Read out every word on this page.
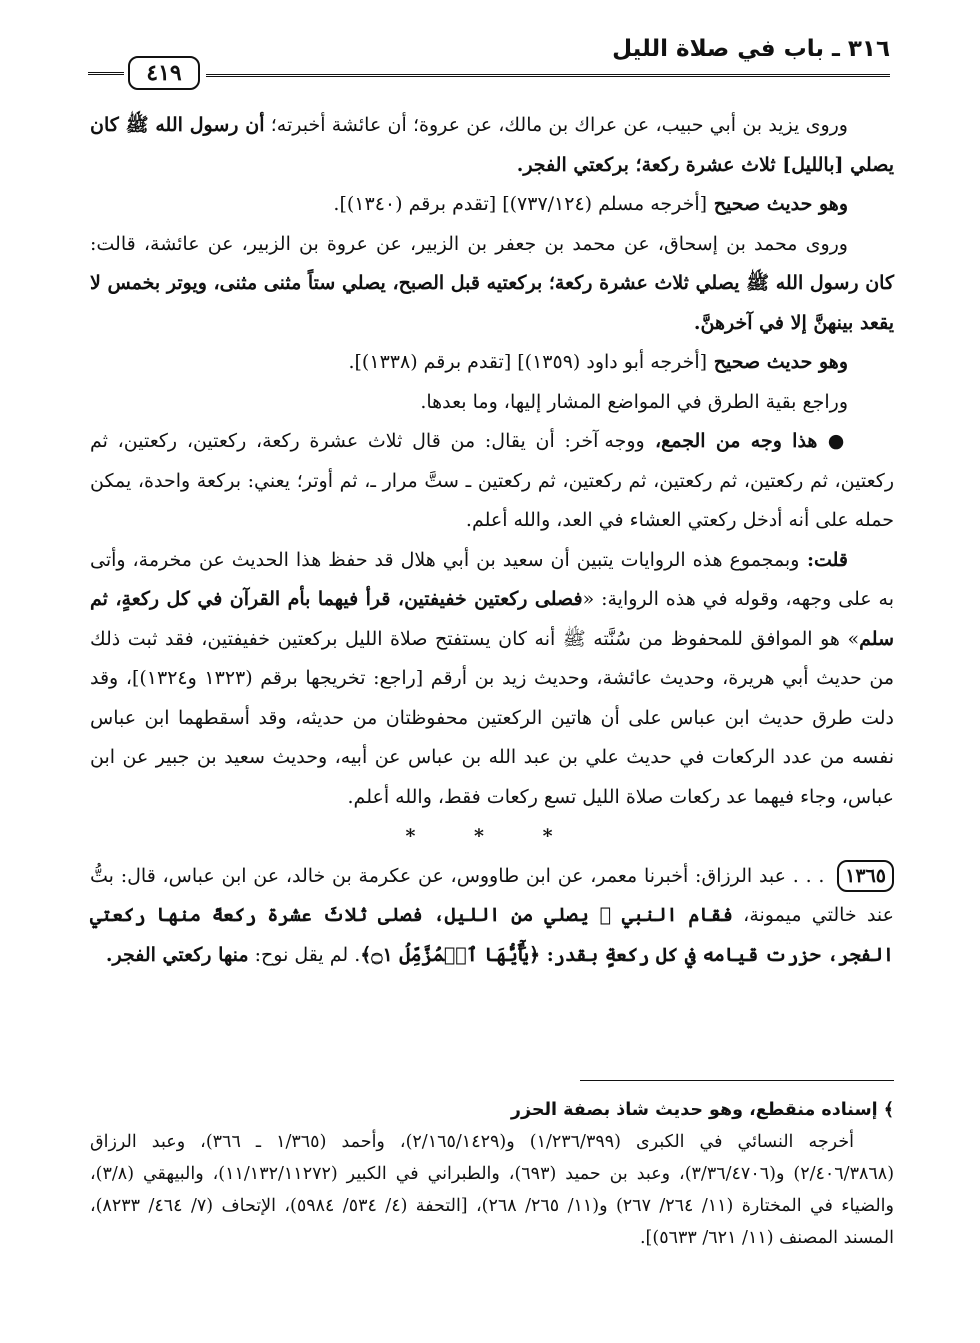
٣١٦ ـ باب في صلاة الليل
٤١٩

وروى يزيد بن أبي حبيب، عن عراك بن مالك، عن عروة؛ أن عائشة أخبرته؛ أن رسول الله ﷺ كان يصلي [بالليل] ثلاث عشرة ركعة؛ بركعتي الفجر.

وهو حديث صحيح [أخرجه مسلم (٧٣٧/١٢٤)] [تقدم برقم (١٣٤٠)].

وروى محمد بن إسحاق، عن محمد بن جعفر بن الزبير، عن عروة بن الزبير، عن عائشة، قالت: كان رسول الله ﷺ يصلي ثلاث عشرة ركعة؛ بركعتيه قبل الصبح، يصلي ستاً مثنى مثنى، ويوتر بخمس لا يقعد بينهنَّ إلا في آخرهنَّ.

وهو حديث صحيح [أخرجه أبو داود (١٣٥٩)] [تقدم برقم (١٣٣٨)].

وراجع بقية الطرق في المواضع المشار إليها، وما بعدها.

● هذا وجه من الجمع، ووجه آخر: أن يقال: من قال ثلاث عشرة ركعة، ركعتين، ركعتين، ثم ركعتين، ثم ركعتين، ثم ركعتين، ثم ركعتين، ثم ركعتين ـ ستَّ مرار ـ، ثم أوتر؛ يعني: بركعة واحدة، يمكن حمله على أنه أدخل ركعتي العشاء في العد، والله أعلم.

قلت: وبمجموع هذه الروايات يتبين أن سعيد بن أبي هلال قد حفظ هذا الحديث عن مخرمة، وأتى به على وجهه، وقوله في هذه الرواية: «فصلى ركعتين خفيفتين، قرأ فيهما بأم القرآن في كل ركعةٍ، ثم سلم» هو الموافق للمحفوظ من سُنَّته ﷺ أنه كان يستفتح صلاة الليل بركعتين خفيفتين، فقد ثبت ذلك من حديث أبي هريرة، وحديث عائشة، وحديث زيد بن أرقم [راجع: تخريجها برقم (١٣٢٣ و١٣٢٤)]، وقد دلت طرق حديث ابن عباس على أن هاتين الركعتين محفوظتان من حديثه، وقد أسقطهما ابن عباس نفسه من عدد الركعات في حديث علي بن عبد الله بن عباس عن أبيه، وحديث سعيد بن جبير عن ابن عباس، وجاء فيهما عد ركعات صلاة الليل تسع ركعات فقط، والله أعلم.

* * *

١٣٦٥ . . . عبد الرزاق: أخبرنا معمر، عن ابن طاووس، عن عكرمة بن خالد، عن ابن عباس، قال: بتُّ عند خالتي ميمونة، فقام النبي ﷺ يصلي من الليل، فصلى ثلاثَ عشرة ركعةً منها ركعتي الفجر، حزرت قيامه في كل ركعةٍ بقدر: ﴿يَٰٓأَيُّهَا ٱلۡمُزَّمِّلُ ۝١﴾. لم يقل نوح: منها ركعتي الفجر.

﴾ إسناده منقطع، وهو حديث شاذ بصفة الحزر

أخرجه النسائي في الكبرى (١/٢٣٦/٣٩٩) و(٢/١٦٥/١٤٢٩)، وأحمد (١/٣٦٥ ـ ٣٦٦)، وعبد الرزاق (٢/٤٠٦/٣٨٦٨) و(٣/٣٦/٤٧٠٦)، وعبد بن حميد (٦٩٣)، والطبراني في الكبير (١١/١٣٢/١١٢٧٢)، والبيهقي (٣/٨)، والضياء في المختارة (١١/ ٢٦٤/ ٢٦٧) و(١١/ ٢٦٥/ ٢٦٨)، [التحفة (٤/ ٥٣٤/ ٥٩٨٤)، الإتحاف (٧/ ٤٦٤/ ٨٢٣٣)، المسند المصنف (١١/ ٦٢١/ ٥٦٣٣)].
